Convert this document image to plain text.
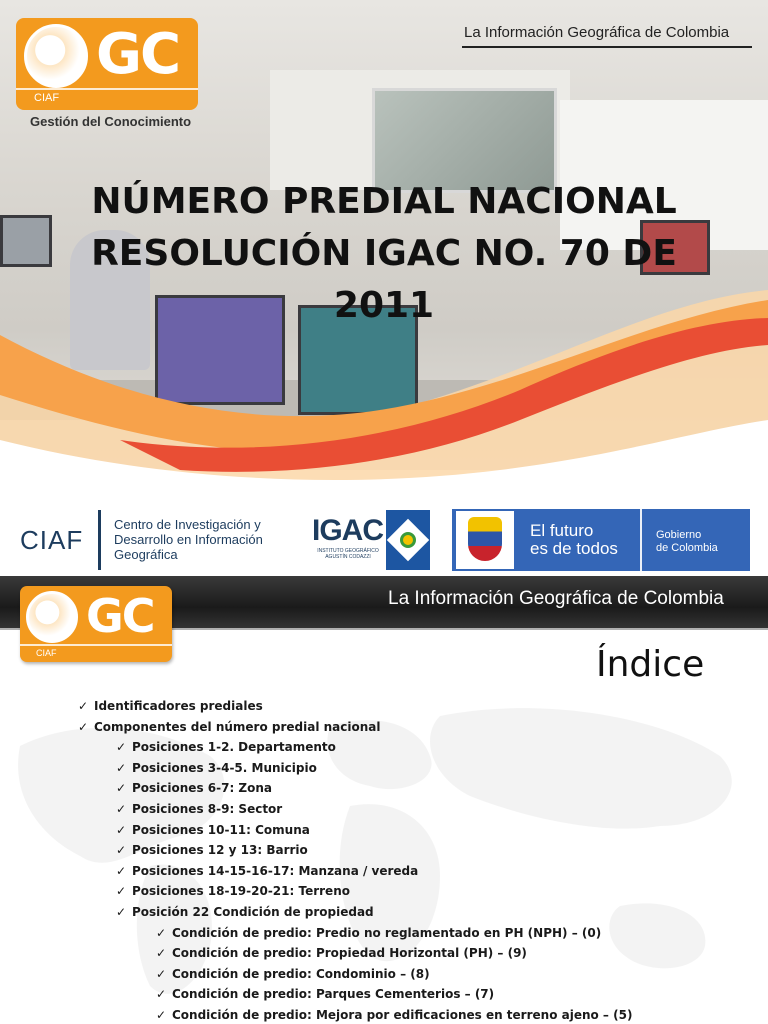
La Información Geográfica de Colombia
GC
CIAF
Gestión del Conocimiento
NÚMERO PREDIAL NACIONAL
RESOLUCIÓN IGAC NO. 70 DE
2011
CIAF
Centro de Investigación y Desarrollo en Información Geográfica
IGAC
INSTITUTO GEOGRÁFICO AGUSTÍN CODAZZI
El futuro
es de todos
Gobierno
de Colombia
La Información Geográfica de Colombia
GC
CIAF	Índice
✓ Identificadores prediales
✓ Componentes del número predial nacional
✓ Posiciones 1-2. Departamento
✓ Posiciones 3-4-5. Municipio
✓ Posiciones 6-7: Zona
✓ Posiciones 8-9: Sector
✓ Posiciones 10-11: Comuna
✓ Posiciones 12 y 13: Barrio
✓ Posiciones 14-15-16-17: Manzana / vereda
✓ Posiciones 18-19-20-21: Terreno
✓ Posición 22 Condición de propiedad
✓ Condición de predio: Predio no reglamentado en PH (NPH) – (0)
✓ Condición de predio: Propiedad Horizontal (PH) – (9)
✓ Condición de predio: Condominio – (8)
✓ Condición de predio: Parques Cementerios – (7)
✓ Condición de predio: Mejora por edificaciones en terreno ajeno – (5)
